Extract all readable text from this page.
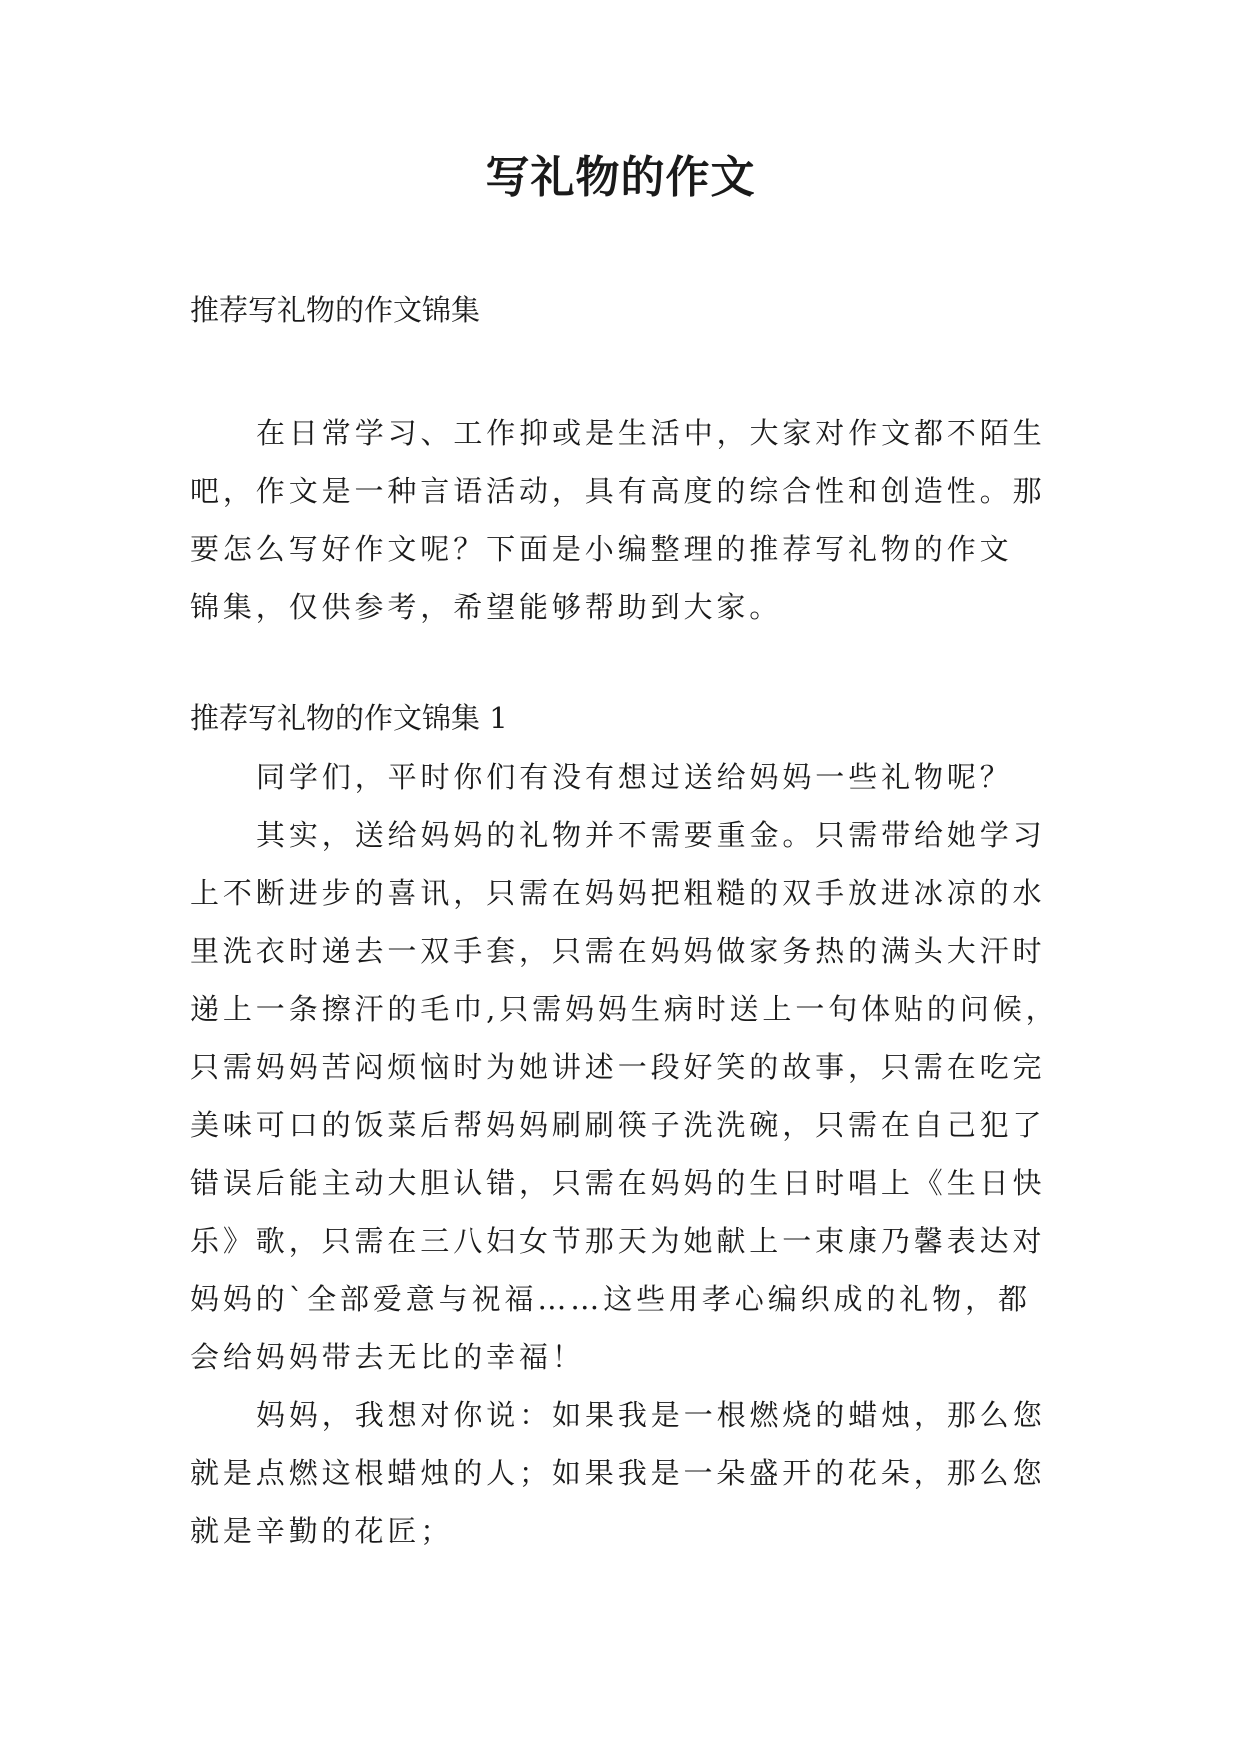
写礼物的作文
推荐写礼物的作文锦集
在日常学习、工作抑或是生活中，大家对作文都不陌生
吧，作文是一种言语活动，具有高度的综合性和创造性。那
要怎么写好作文呢？下面是小编整理的推荐写礼物的作文
锦集，仅供参考，希望能够帮助到大家。
推荐写礼物的作文锦集 1
同学们，平时你们有没有想过送给妈妈一些礼物呢？
其实，送给妈妈的礼物并不需要重金。只需带给她学习
上不断进步的喜讯，只需在妈妈把粗糙的双手放进冰凉的水
里洗衣时递去一双手套，只需在妈妈做家务热的满头大汗时
递上一条擦汗的毛巾,只需妈妈生病时送上一句体贴的问候，
只需妈妈苦闷烦恼时为她讲述一段好笑的故事，只需在吃完
美味可口的饭菜后帮妈妈刷刷筷子洗洗碗，只需在自己犯了
错误后能主动大胆认错，只需在妈妈的生日时唱上《生日快
乐》歌，只需在三八妇女节那天为她献上一束康乃馨表达对
妈妈的`全部爱意与祝福……这些用孝心编织成的礼物，都
会给妈妈带去无比的幸福！
妈妈，我想对你说：如果我是一根燃烧的蜡烛，那么您
就是点燃这根蜡烛的人；如果我是一朵盛开的花朵，那么您
就是辛勤的花匠；
